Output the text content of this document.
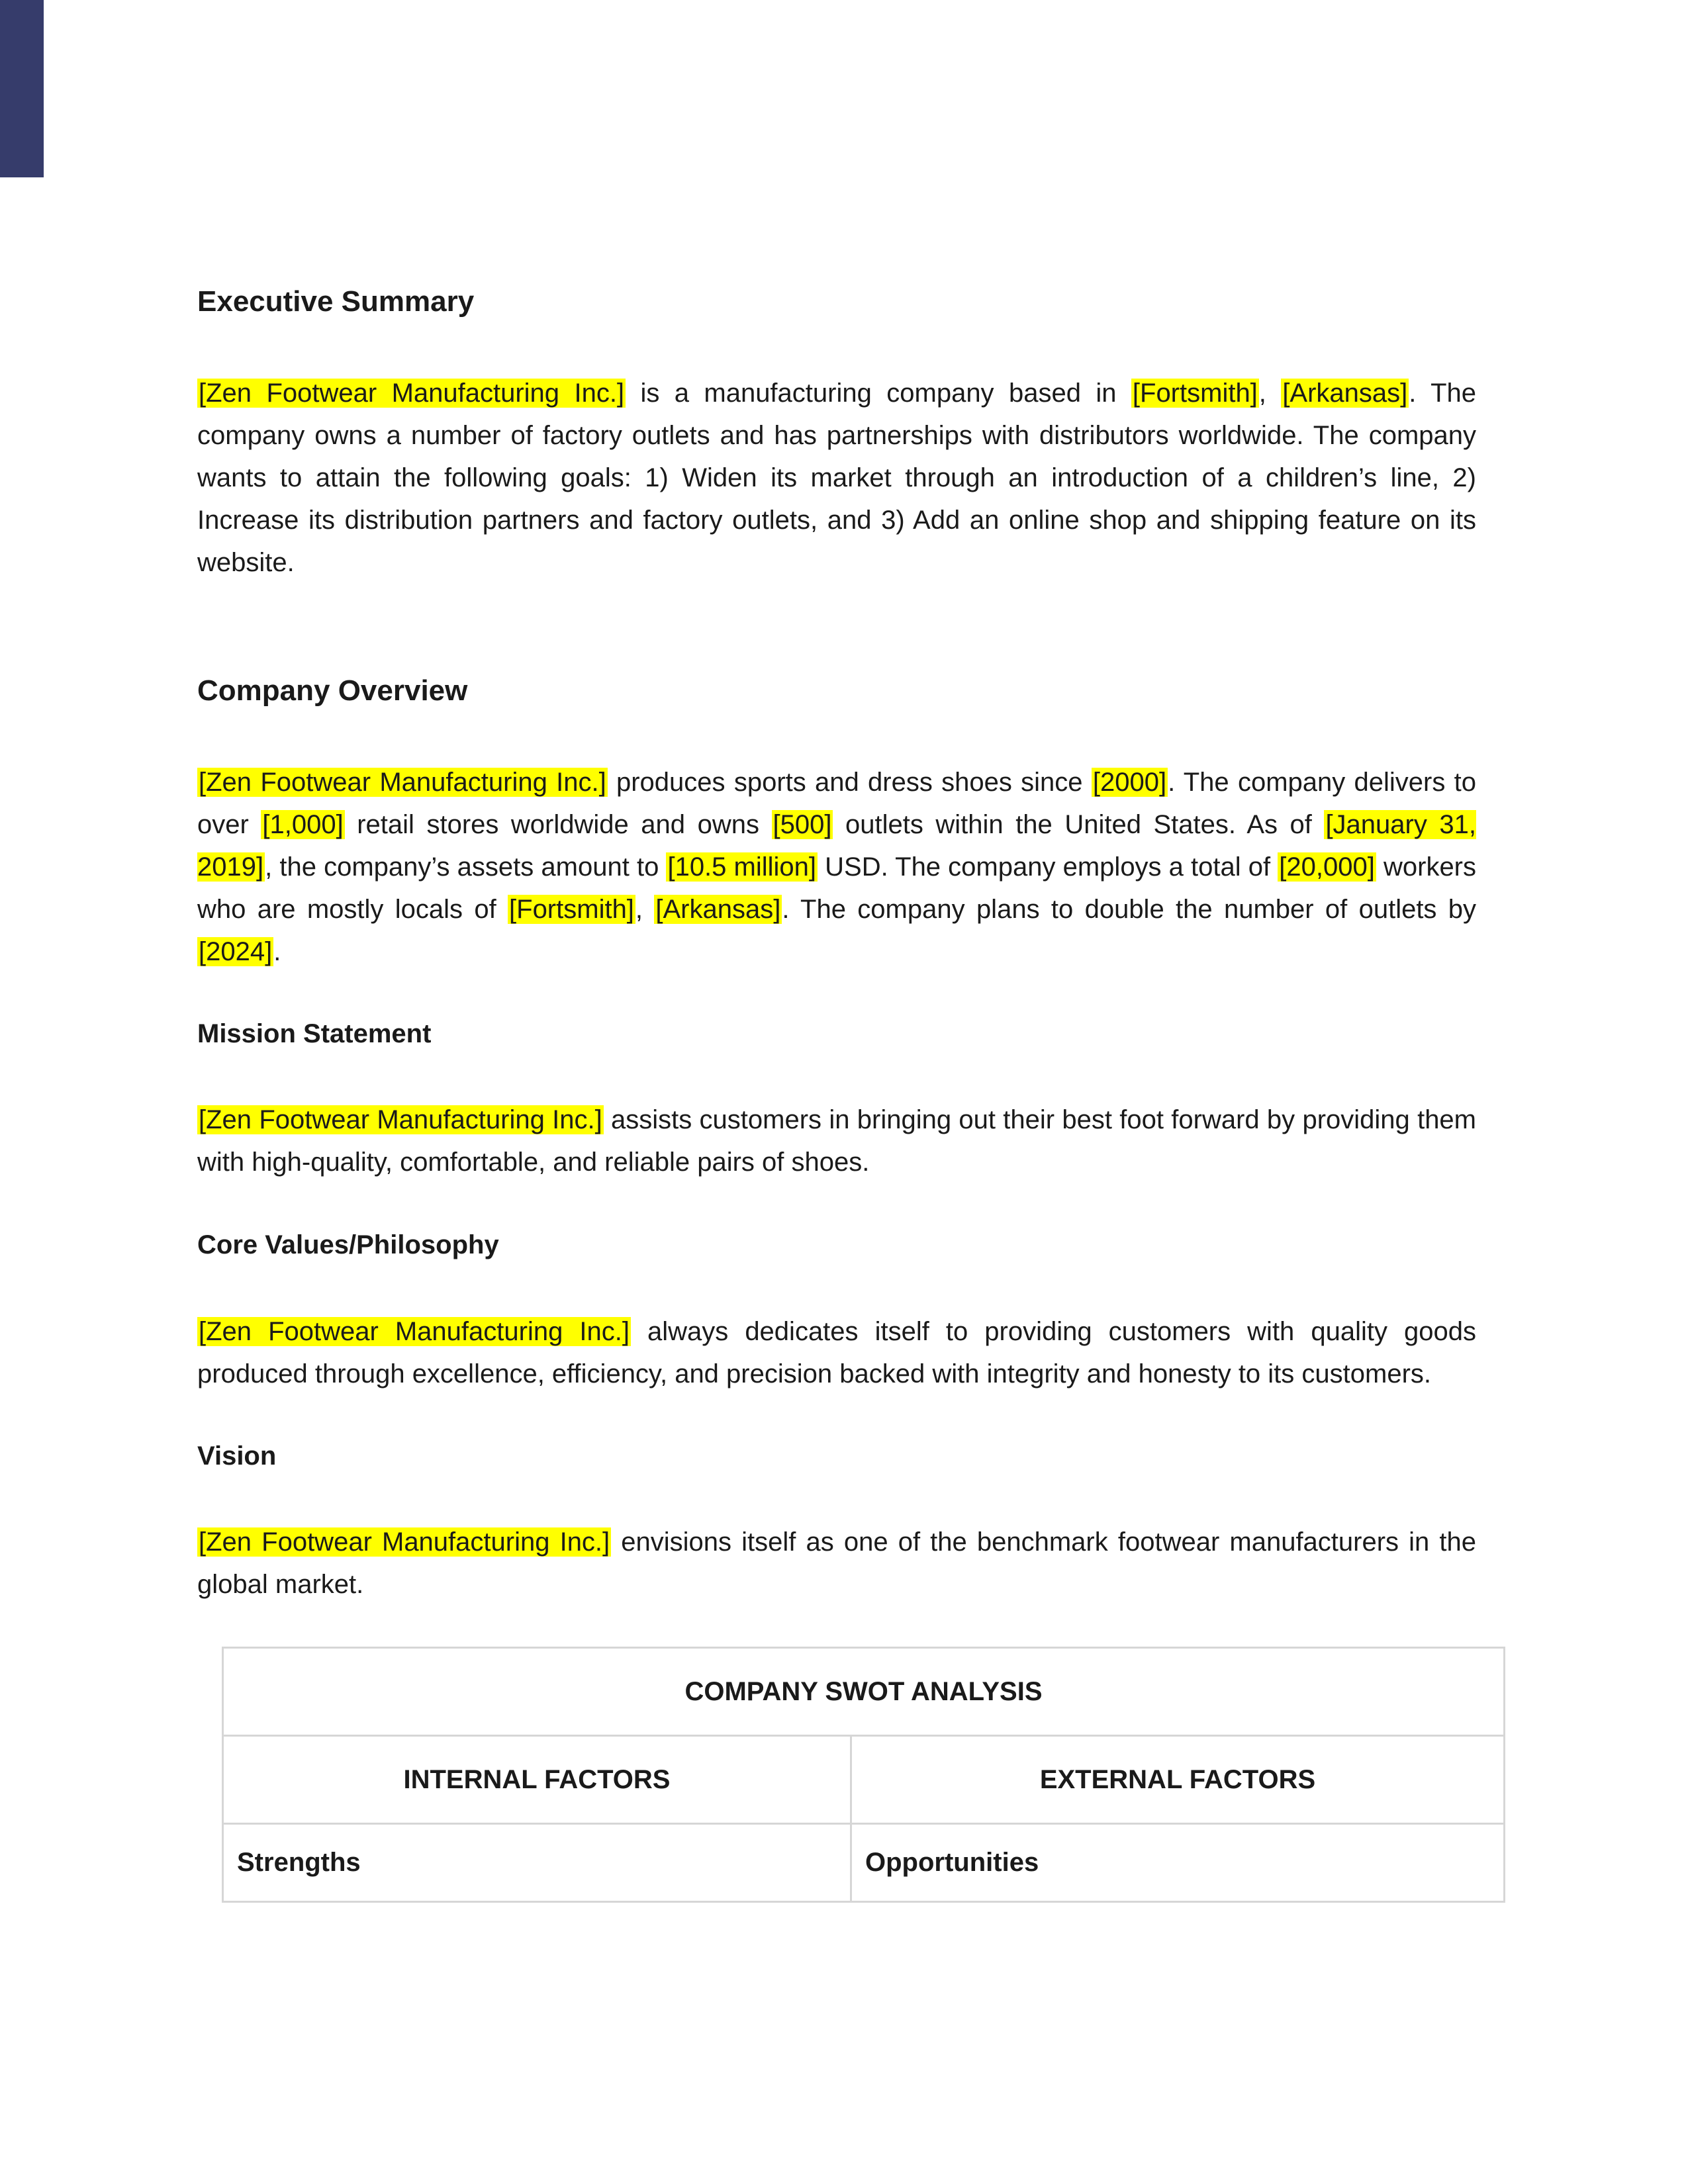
Executive Summary

[Zen Footwear Manufacturing Inc.] is a manufacturing company based in [Fortsmith], [Arkansas]. The company owns a number of factory outlets and has partnerships with distributors worldwide. The company wants to attain the following goals: 1) Widen its market through an introduction of a children’s line, 2) Increase its distribution partners and factory outlets, and 3) Add an online shop and shipping feature on its website.

Company Overview

[Zen Footwear Manufacturing Inc.] produces sports and dress shoes since [2000]. The company delivers to over [1,000] retail stores worldwide and owns [500] outlets within the United States. As of [January 31, 2019], the company’s assets amount to [10.5 million] USD. The company employs a total of [20,000] workers who are mostly locals of [Fortsmith], [Arkansas]. The company plans to double the number of outlets by [2024].

Mission Statement

[Zen Footwear Manufacturing Inc.] assists customers in bringing out their best foot forward by providing them with high-quality, comfortable, and reliable pairs of shoes.

Core Values/Philosophy

[Zen Footwear Manufacturing Inc.] always dedicates itself to providing customers with quality goods produced through excellence, efficiency, and precision backed with integrity and honesty to its customers.

Vision

[Zen Footwear Manufacturing Inc.] envisions itself as one of the benchmark footwear manufacturers in the global market.

COMPANY SWOT ANALYSIS	
INTERNAL FACTORS	EXTERNAL FACTORS
Strengths	Opportunities
